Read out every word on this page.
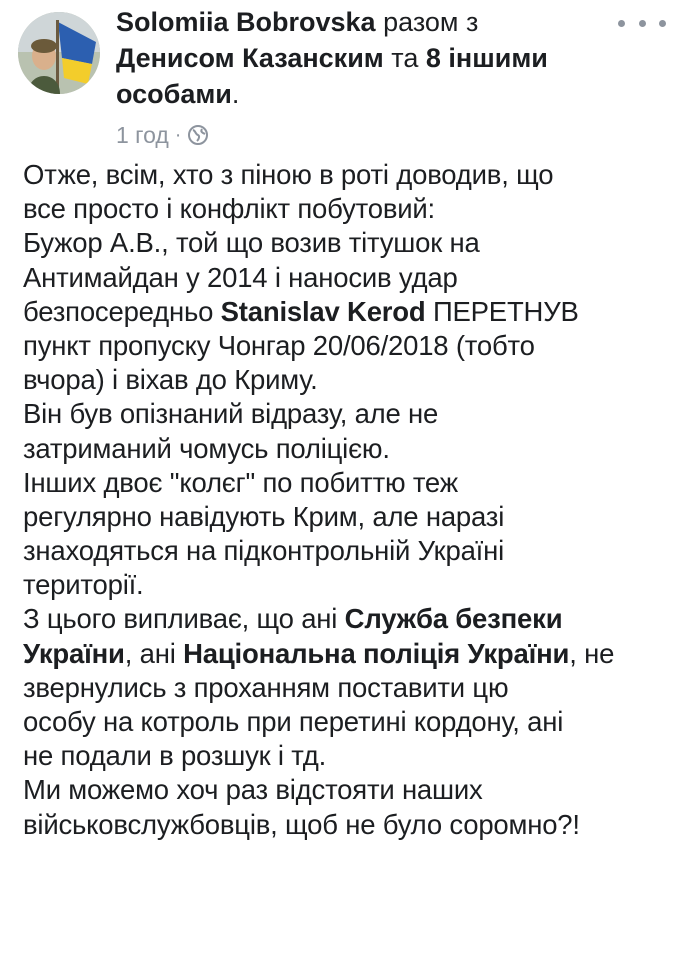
Solomiia Bobrovska разом з
Денисом Казанским та 8 іншими особами.
1 год ·
Отже, всім, хто з піною в роті доводив, що
все просто і конфлікт побутовий:
Бужор А.В., той що возив тітушок на
Антимайдан у 2014 і наносив удар
безпосередньо Stanislav Kerod ПЕРЕТНУВ
пункт пропуску Чонгар 20/06/2018 (тобто
вчора) і віхав до Криму.
Він був опізнаний відразу, але не
затриманий чомусь поліцією.
Інших двоє "колєг" по побиттю теж
регулярно навідують Крим, але наразі
знаходяться на підконтрольній Україні
території.
З цього випливає, що ані Служба безпеки
України, ані Національна поліція України, не
звернулись з проханням поставити цю
особу на котроль при перетині кордону, ані
не подали в розшук і тд.
Ми можемо хоч раз відстояти наших
військовслужбовців, щоб не було соромно?!
